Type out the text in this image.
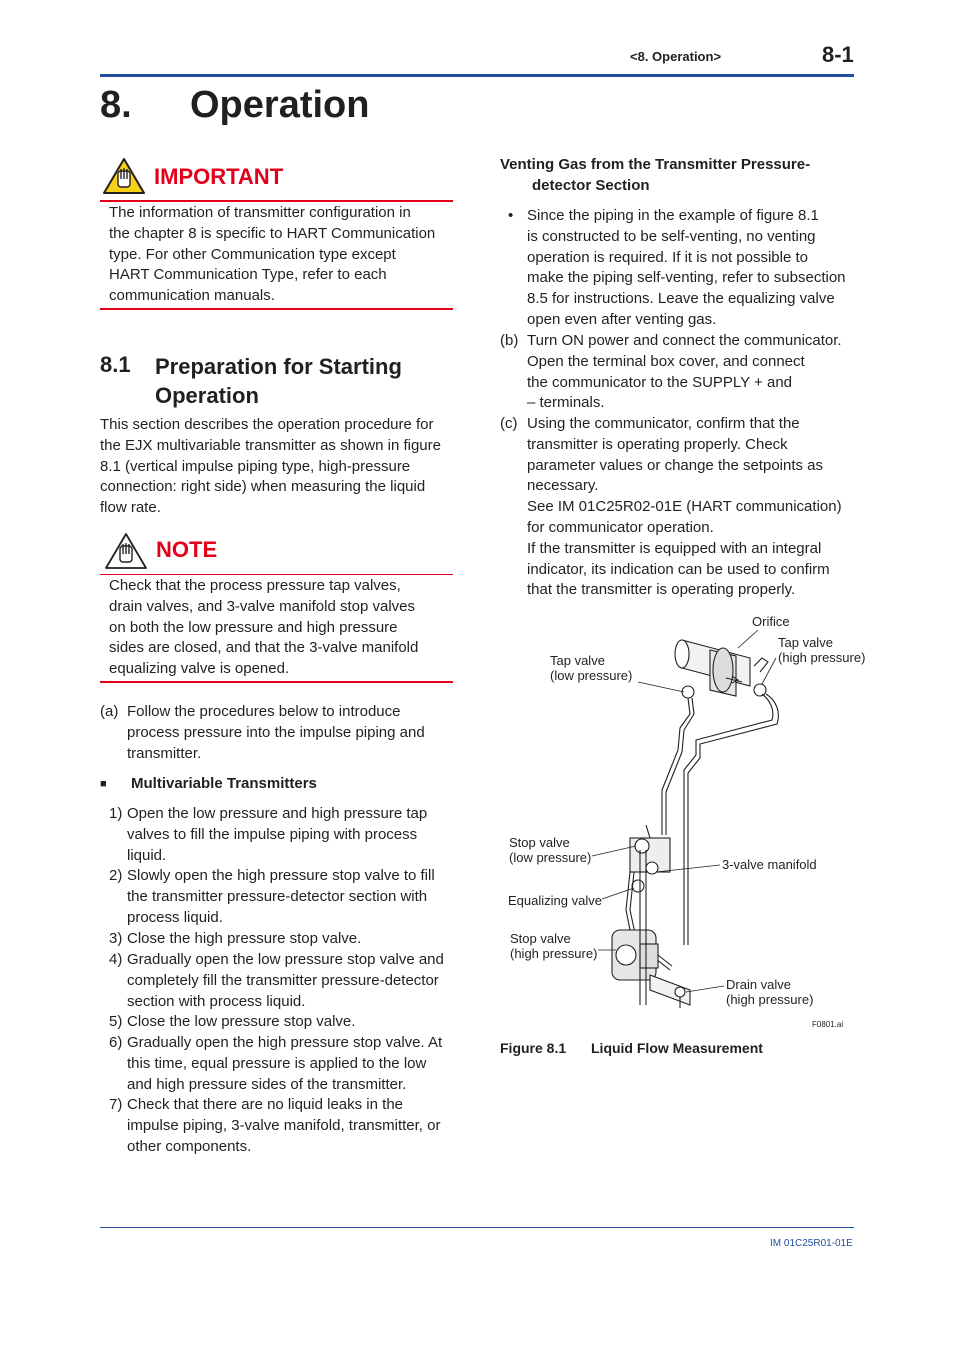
<8. Operation>	8-1
8. Operation
IMPORTANT
The information of transmitter configuration in
the chapter 8 is specific to HART Communication
type. For other Communication type except
HART Communication Type, refer to each
communication manuals.
8.1 Preparation for Starting
Operation
This section describes the operation procedure for
the EJX multivariable transmitter as shown in figure
8.1 (vertical impulse piping type, high-pressure
connection: right side) when measuring the liquid
flow rate.
NOTE
Check that the process pressure tap valves,
drain valves, and 3-valve manifold stop valves
on both the low pressure and high pressure
sides are closed, and that the 3-valve manifold
equalizing valve is opened.
(a) Follow the procedures below to introduce
process pressure into the impulse piping and
transmitter.
■ Multivariable Transmitters
1) Open the low pressure and high pressure tap
valves to fill the impulse piping with process
liquid.
2) Slowly open the high pressure stop valve to fill
the transmitter pressure-detector section with
process liquid.
3) Close the high pressure stop valve.
4) Gradually open the low pressure stop valve and
completely fill the transmitter pressure-detector
section with process liquid.
5) Close the low pressure stop valve.
6) Gradually open the high pressure stop valve. At
this time, equal pressure is applied to the low
and high pressure sides of the transmitter.
7) Check that there are no liquid leaks in the
impulse piping, 3-valve manifold, transmitter, or
other components.
Venting Gas from the Transmitter Pressure-
detector Section
• Since the piping in the example of figure 8.1
is constructed to be self-venting, no venting
operation is required. If it is not possible to
make the piping self-venting, refer to subsection
8.5 for instructions. Leave the equalizing valve
open even after venting gas.
(b) Turn ON power and connect the communicator.
Open the terminal box cover, and connect
the communicator to the SUPPLY + and
– terminals.
(c) Using the communicator, confirm that the
transmitter is operating properly. Check
parameter values or change the setpoints as
necessary.
See IM 01C25R02-01E (HART communication)
for communicator operation.
If the transmitter is equipped with an integral
indicator, its indication can be used to confirm
that the transmitter is operating properly.
Orifice
Tap valve
(high pressure)
Tap valve
(low pressure)
Stop valve
(low pressure)	3-valve manifold
Equalizing valve
Stop valve
(high pressure)
Drain valve
(high pressure)
F0801.ai
Figure 8.1 Liquid Flow Measurement
IM 01C25R01-01E
